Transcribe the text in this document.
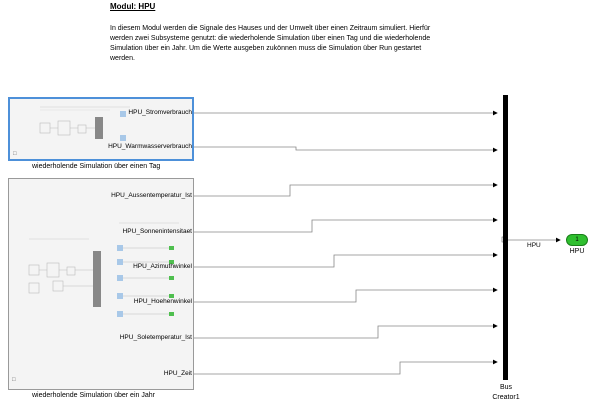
Modul: HPU
In diesem Modul werden die Signale des Hauses und der Umwelt über einen Zeitraum simuliert. Hierfür werden zwei Subsysteme genutzt: die wiederholende Simulation über einen Tag und die wiederholende Simulation über ein Jahr. Um die Werte ausgeben zukönnen muss die Simulation über Run gestartet werden.
□
wiederholende Simulation über einen Tag
HPU_Stromverbrauch
HPU_Warmwasserverbrauch
□
wiederholende Simulation über ein Jahr
HPU_Aussentemperatur_Ist
HPU_Sonnenintensitaet
HPU_Azimuthwinkel
HPU_Hoehenwinkel
HPU_Soletemperatur_Ist
HPU_Zeit
Bus
Creator1
HPU
1
HPU
